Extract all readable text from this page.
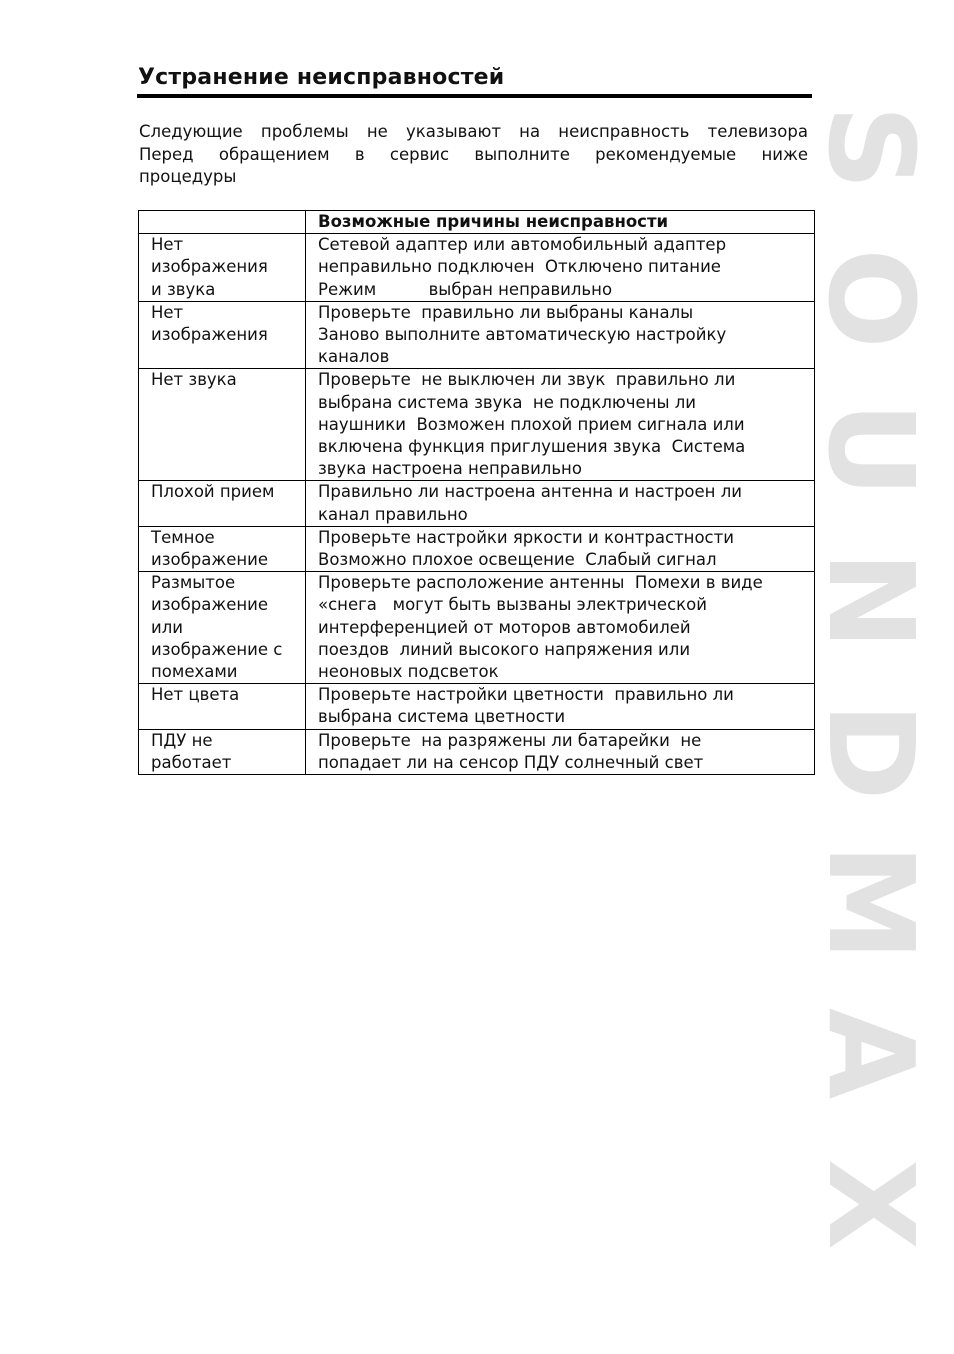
Устранение неисправностей

Следующие проблемы не указывают на неисправность телевизора
Перед обращением в сервис выполните рекомендуемые ниже
процедуры

	Возможные причины неисправности

Нет
изображения
и звука	Сетевой адаптер или автомобильный адаптер
неправильно подключен  Отключено питание
Режим          выбран неправильно

Нет
изображения	Проверьте  правильно ли выбраны каналы
Заново выполните автоматическую настройку
каналов

Нет звука	Проверьте  не выключен ли звук  правильно ли
выбрана система звука  не подключены ли
наушники  Возможен плохой прием сигнала или
включена функция приглушения звука  Система
звука настроена неправильно

Плохой прием	Правильно ли настроена антенна и настроен ли
канал правильно

Темное
изображение	Проверьте настройки яркости и контрастности
Возможно плохое освещение  Слабый сигнал

Размытое
изображение
или
изображение с
помехами	Проверьте расположение антенны  Помехи в виде
«снега   могут быть вызваны электрической
интерференцией от моторов автомобилей
поездов  линий высокого напряжения или
неоновых подсветок

Нет цвета	Проверьте настройки цветности  правильно ли
выбрана система цветности

ПДУ не
работает	Проверьте  на разряжены ли батарейки  не
попадает ли на сенсор ПДУ солнечный свет
S
O
U
N
D
M
A
X
